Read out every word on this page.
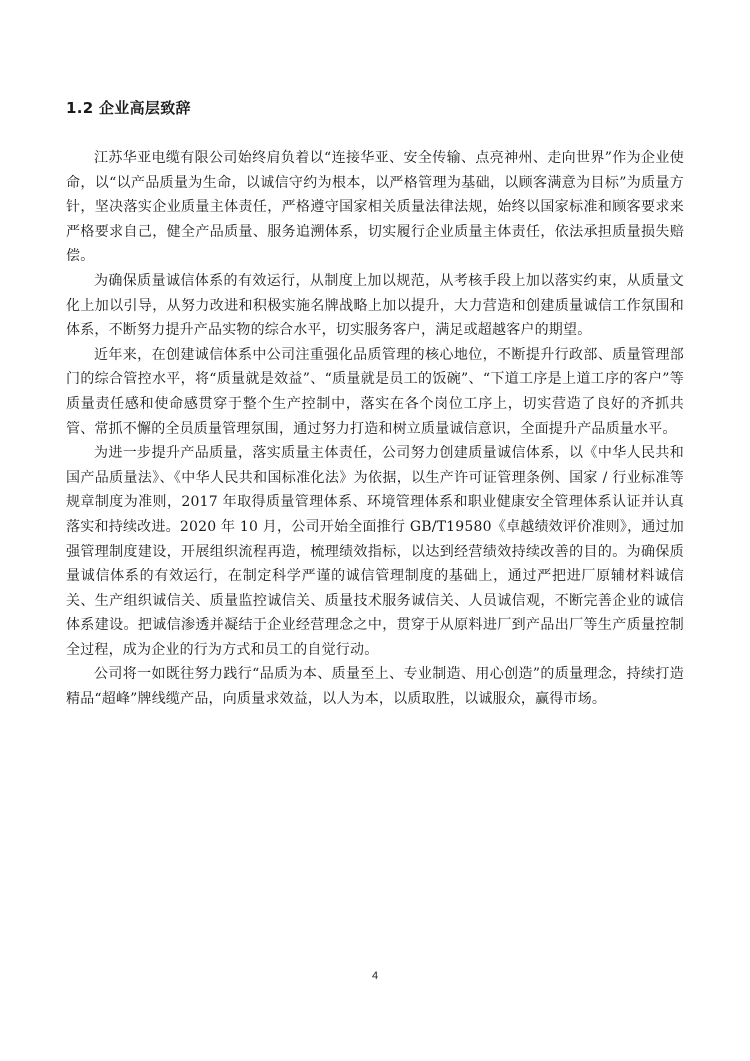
1.2 企业高层致辞

江苏华亚电缆有限公司始终肩负着以“连接华亚、安全传输、点亮神州、走向世界”作为企业使命，以“以产品质量为生命，以诚信守约为根本，以严格管理为基础，以顾客满意为目标”为质量方针，坚决落实企业质量主体责任，严格遵守国家相关质量法律法规，始终以国家标准和顾客要求来严格要求自己，健全产品质量、服务追溯体系，切实履行企业质量主体责任，依法承担质量损失赔偿。

为确保质量诚信体系的有效运行，从制度上加以规范，从考核手段上加以落实约束，从质量文化上加以引导，从努力改进和积极实施名牌战略上加以提升，大力营造和创建质量诚信工作氛围和体系，不断努力提升产品实物的综合水平，切实服务客户，满足或超越客户的期望。

近年来，在创建诚信体系中公司注重强化品质管理的核心地位，不断提升行政部、质量管理部门的综合管控水平，将“质量就是效益”、“质量就是员工的饭碗”、“下道工序是上道工序的客户”等质量责任感和使命感贯穿于整个生产控制中，落实在各个岗位工序上，切实营造了良好的齐抓共管、常抓不懈的全员质量管理氛围，通过努力打造和树立质量诚信意识，全面提升产品质量水平。

为进一步提升产品质量，落实质量主体责任，公司努力创建质量诚信体系，以《中华人民共和国产品质量法》、《中华人民共和国标准化法》为依据，以生产许可证管理条例、国家 / 行业标准等规章制度为准则，2017 年取得质量管理体系、环境管理体系和职业健康安全管理体系认证并认真落实和持续改进。2020 年 10 月，公司开始全面推行 GB/T19580《卓越绩效评价准则》，通过加强管理制度建设，开展组织流程再造，梳理绩效指标，以达到经营绩效持续改善的目的。为确保质量诚信体系的有效运行，在制定科学严谨的诚信管理制度的基础上，通过严把进厂原辅材料诚信关、生产组织诚信关、质量监控诚信关、质量技术服务诚信关、人员诚信观，不断完善企业的诚信体系建设。把诚信渗透并凝结于企业经营理念之中，贯穿于从原料进厂到产品出厂等生产质量控制全过程，成为企业的行为方式和员工的自觉行动。

公司将一如既往努力践行“品质为本、质量至上、专业制造、用心创造”的质量理念，持续打造精品“超峰”牌线缆产品，向质量求效益，以人为本，以质取胜，以诚服众，赢得市场。

4
